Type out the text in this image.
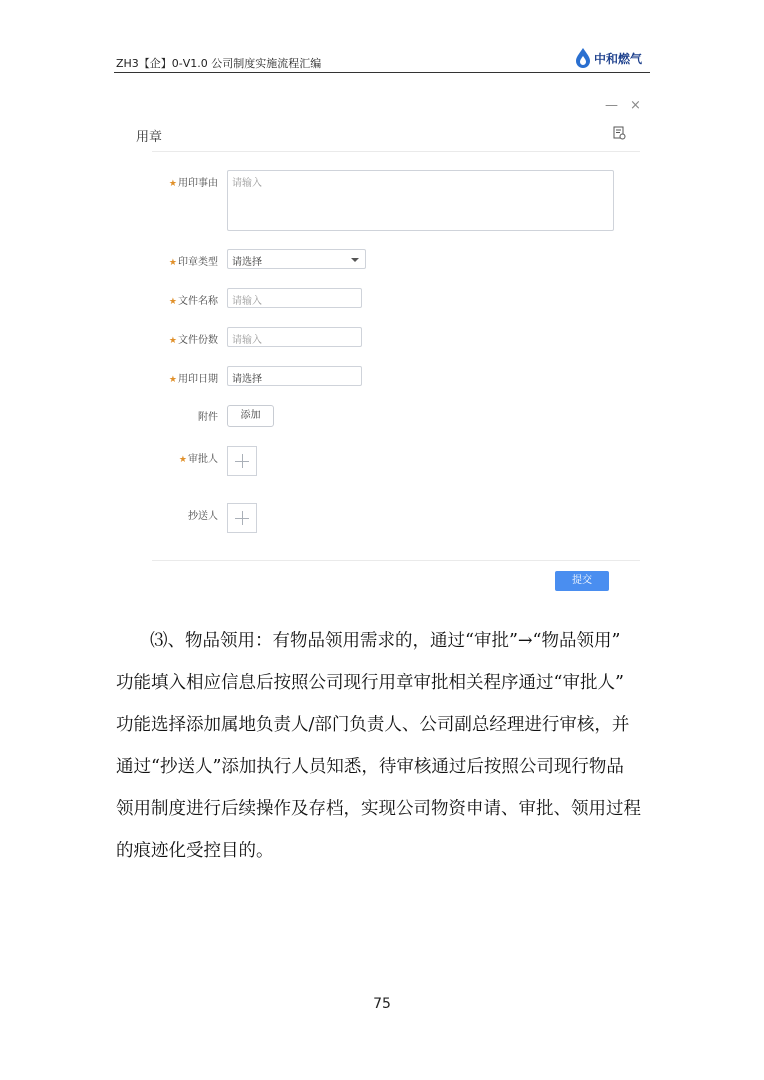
ZH3【企】0-V1.0 公司制度实施流程汇编	中和燃气
— ×
用章
★用印事由	请输入
★印章类型	请选择
★文件名称	请输入
★文件份数	请输入
★用印日期	请选择
附件	添加
★审批人
抄送人
提交

⑶、物品领用：有物品领用需求的，通过“审批”→“物品领用”

功能填入相应信息后按照公司现行用章审批相关程序通过“审批人”

功能选择添加属地负责人/部门负责人、公司副总经理进行审核，并

通过“抄送人”添加执行人员知悉，待审核通过后按照公司现行物品

领用制度进行后续操作及存档，实现公司物资申请、审批、领用过程

的痕迹化受控目的。

75
